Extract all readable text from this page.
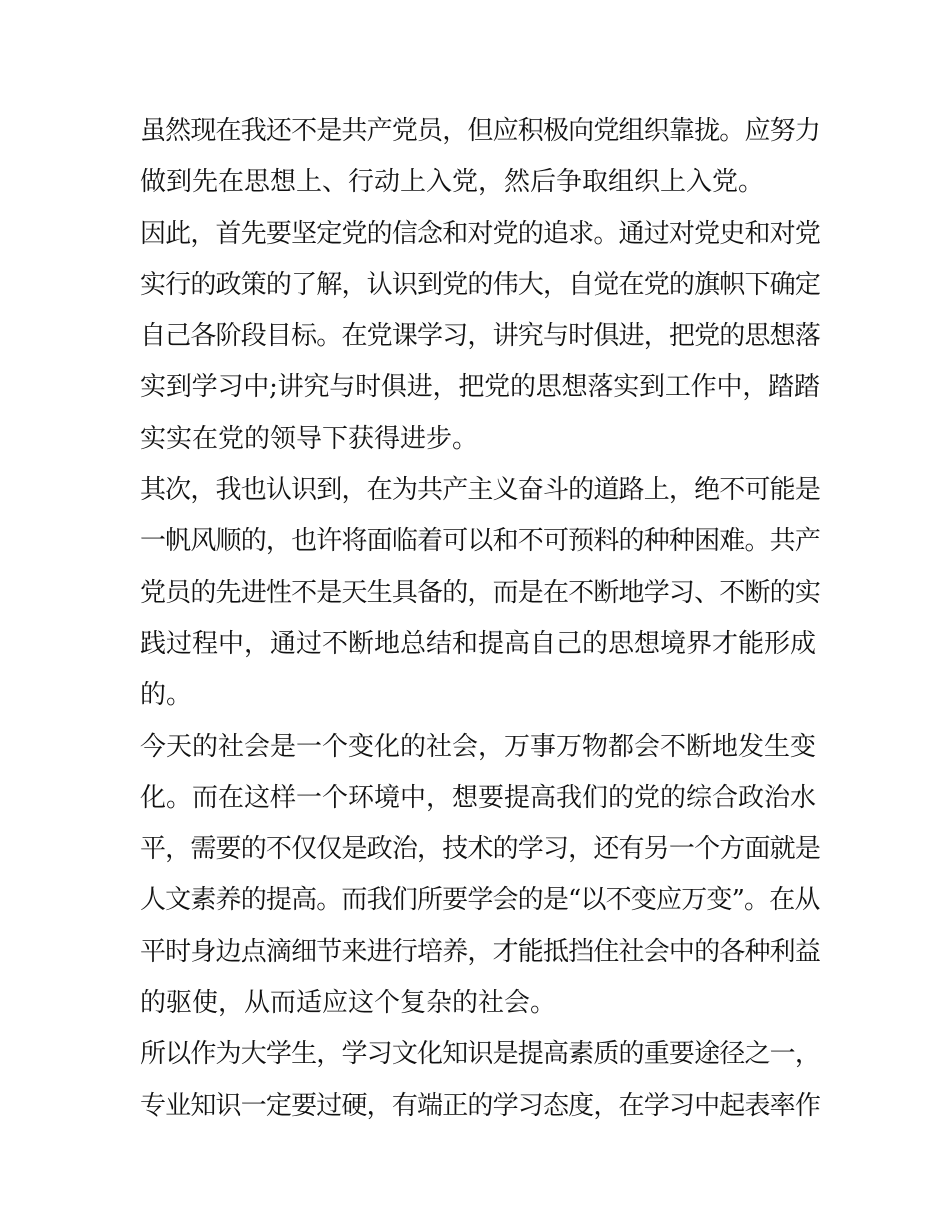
虽然现在我还不是共产党员，但应积极向党组织靠拢。应努力
做到先在思想上、行动上入党，然后争取组织上入党。
因此，首先要坚定党的信念和对党的追求。通过对党史和对党
实行的政策的了解，认识到党的伟大，自觉在党的旗帜下确定
自己各阶段目标。在党课学习，讲究与时俱进，把党的思想落
实到学习中;讲究与时俱进，把党的思想落实到工作中，踏踏
实实在党的领导下获得进步。
其次，我也认识到，在为共产主义奋斗的道路上，绝不可能是
一帆风顺的，也许将面临着可以和不可预料的种种困难。共产
党员的先进性不是天生具备的，而是在不断地学习、不断的实
践过程中，通过不断地总结和提高自己的思想境界才能形成
的。
今天的社会是一个变化的社会，万事万物都会不断地发生变
化。而在这样一个环境中，想要提高我们的党的综合政治水
平，需要的不仅仅是政治，技术的学习，还有另一个方面就是
人文素养的提高。而我们所要学会的是“以不变应万变”。在从
平时身边点滴细节来进行培养，才能抵挡住社会中的各种利益
的驱使，从而适应这个复杂的社会。
所以作为大学生，学习文化知识是提高素质的重要途径之一，
专业知识一定要过硬，有端正的学习态度，在学习中起表率作
